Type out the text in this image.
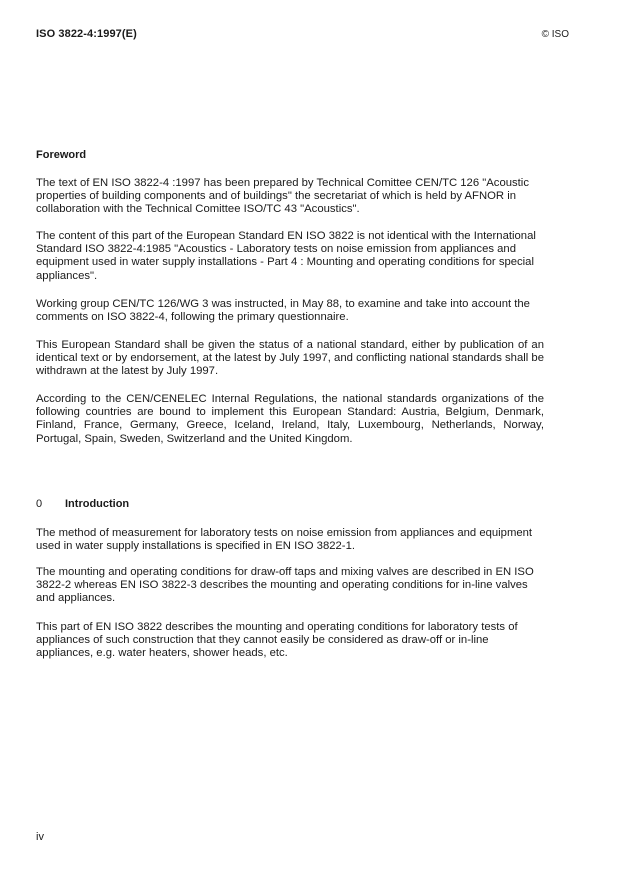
ISO 3822-4:1997(E)	© ISO
Foreword

The text of EN ISO 3822-4 :1997 has been prepared by Technical Comittee CEN/TC 126 "Acoustic properties of building components and of buildings" the secretariat of which is held by AFNOR in collaboration with the Technical Comittee ISO/TC 43 "Acoustics".

The content of this part of the European Standard EN ISO 3822 is not identical with the International Standard ISO 3822-4:1985 "Acoustics - Laboratory tests on noise emission from appliances and equipment used in water supply installations - Part 4 : Mounting and operating conditions for special appliances".

Working group CEN/TC 126/WG 3 was instructed, in May 88, to examine and take into account the comments on ISO 3822-4, following the primary questionnaire.

This European Standard shall be given the status of a national standard, either by publication of an identical text or by endorsement, at the latest by July 1997, and conflicting national standards shall be withdrawn at the latest by July 1997.

According to the CEN/CENELEC Internal Regulations, the national standards organizations of the following countries are bound to implement this European Standard: Austria, Belgium, Denmark, Finland, France, Germany, Greece, Iceland, Ireland, Italy, Luxembourg, Netherlands, Norway, Portugal, Spain, Sweden, Switzerland and the United Kingdom.

0 Introduction

The method of measurement for laboratory tests on noise emission from appliances and equipment used in water supply installations is specified in EN ISO 3822-1.

The mounting and operating conditions for draw-off taps and mixing valves are described in EN ISO 3822-2 whereas EN ISO 3822-3 describes the mounting and operating conditions for in-line valves and appliances.

This part of EN ISO 3822 describes the mounting and operating conditions for laboratory tests of appliances of such construction that they cannot easily be considered as draw-off or in-line appliances, e.g. water heaters, shower heads, etc.

iv
